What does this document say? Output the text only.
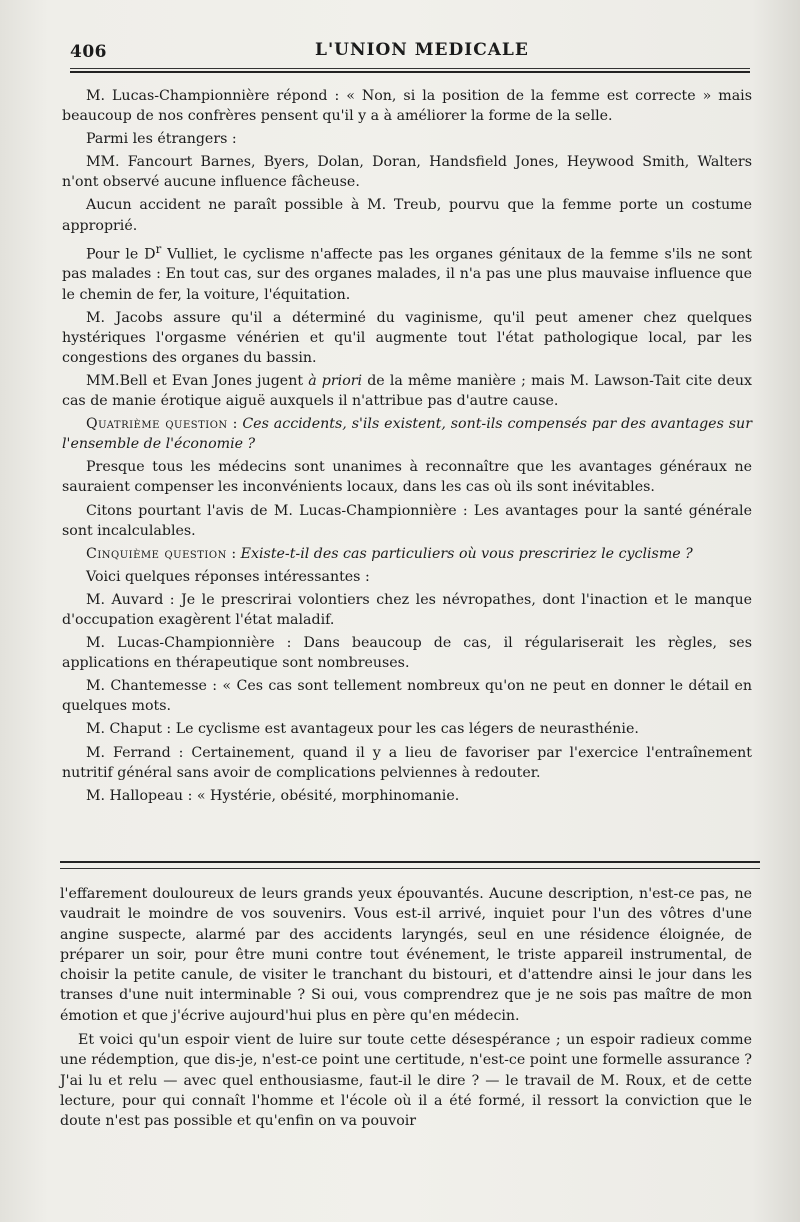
406	L'UNION MEDICALE

M. Lucas-Championnière répond : « Non, si la position de la femme est correcte » mais beaucoup de nos confrères pensent qu'il y a à améliorer la forme de la selle.

Parmi les étrangers :

MM. Fancourt Barnes, Byers, Dolan, Doran, Handsfield Jones, Heywood Smith, Walters n'ont observé aucune influence fâcheuse.

Aucun accident ne paraît possible à M. Treub, pourvu que la femme porte un costume approprié.

Pour le $D^r$ Vulliet, le cyclisme n'affecte pas les organes génitaux de la femme s'ils ne sont pas malades : En tout cas, sur des organes malades, il n'a pas une plus mauvaise influence que le chemin de fer, la voiture, l'équitation.

M. Jacobs assure qu'il a déterminé du vaginisme, qu'il peut amener chez quelques hystériques l'orgasme vénérien et qu'il augmente tout l'état pathologique local, par les congestions des organes du bassin.

MM.Bell et Evan Jones jugent à priori de la même manière ; mais M. Lawson-Tait cite deux cas de manie érotique aiguë auxquels il n'attribue pas d'autre cause.

Quatrième question : Ces accidents, s'ils existent, sont-ils compensés par des avantages sur l'ensemble de l'économie ?

Presque tous les médecins sont unanimes à reconnaître que les avantages généraux ne sauraient compenser les inconvénients locaux, dans les cas où ils sont inévitables.

Citons pourtant l'avis de M. Lucas-Championnière : Les avantages pour la santé générale sont incalculables.

Cinquième question : Existe-t-il des cas particuliers où vous prescririez le cyclisme ?

Voici quelques réponses intéressantes :

M. Auvard : Je le prescrirai volontiers chez les névropathes, dont l'inaction et le manque d'occupation exagèrent l'état maladif.

M. Lucas-Championnière : Dans beaucoup de cas, il régulariserait les règles, ses applications en thérapeutique sont nombreuses.

M. Chantemesse : « Ces cas sont tellement nombreux qu'on ne peut en donner le détail en quelques mots.

M. Chaput : Le cyclisme est avantageux pour les cas légers de neurasthénie.

M. Ferrand : Certainement, quand il y a lieu de favoriser par l'exercice l'entraînement nutritif général sans avoir de complications pelviennes à redouter.

M. Hallopeau : « Hystérie, obésité, morphinomanie.

l'effarement douloureux de leurs grands yeux épouvantés. Aucune description, n'est-ce pas, ne vaudrait le moindre de vos souvenirs. Vous est-il arrivé, inquiet pour l'un des vôtres d'une angine suspecte, alarmé par des accidents laryngés, seul en une résidence éloignée, de préparer un soir, pour être muni contre tout événement, le triste appareil instrumental, de choisir la petite canule, de visiter le tranchant du bistouri, et d'attendre ainsi le jour dans les transes d'une nuit interminable ? Si oui, vous comprendrez que je ne sois pas maître de mon émotion et que j'écrive aujourd'hui plus en père qu'en médecin.

Et voici qu'un espoir vient de luire sur toute cette désespérance ; un espoir radieux comme une rédemption, que dis-je, n'est-ce point une certitude, n'est-ce point une formelle assurance ? J'ai lu et relu — avec quel enthousiasme, faut-il le dire ? — le travail de M. Roux, et de cette lecture, pour qui connaît l'homme et l'école où il a été formé, il ressort la conviction que le doute n'est pas possible et qu'enfin on va pouvoir
